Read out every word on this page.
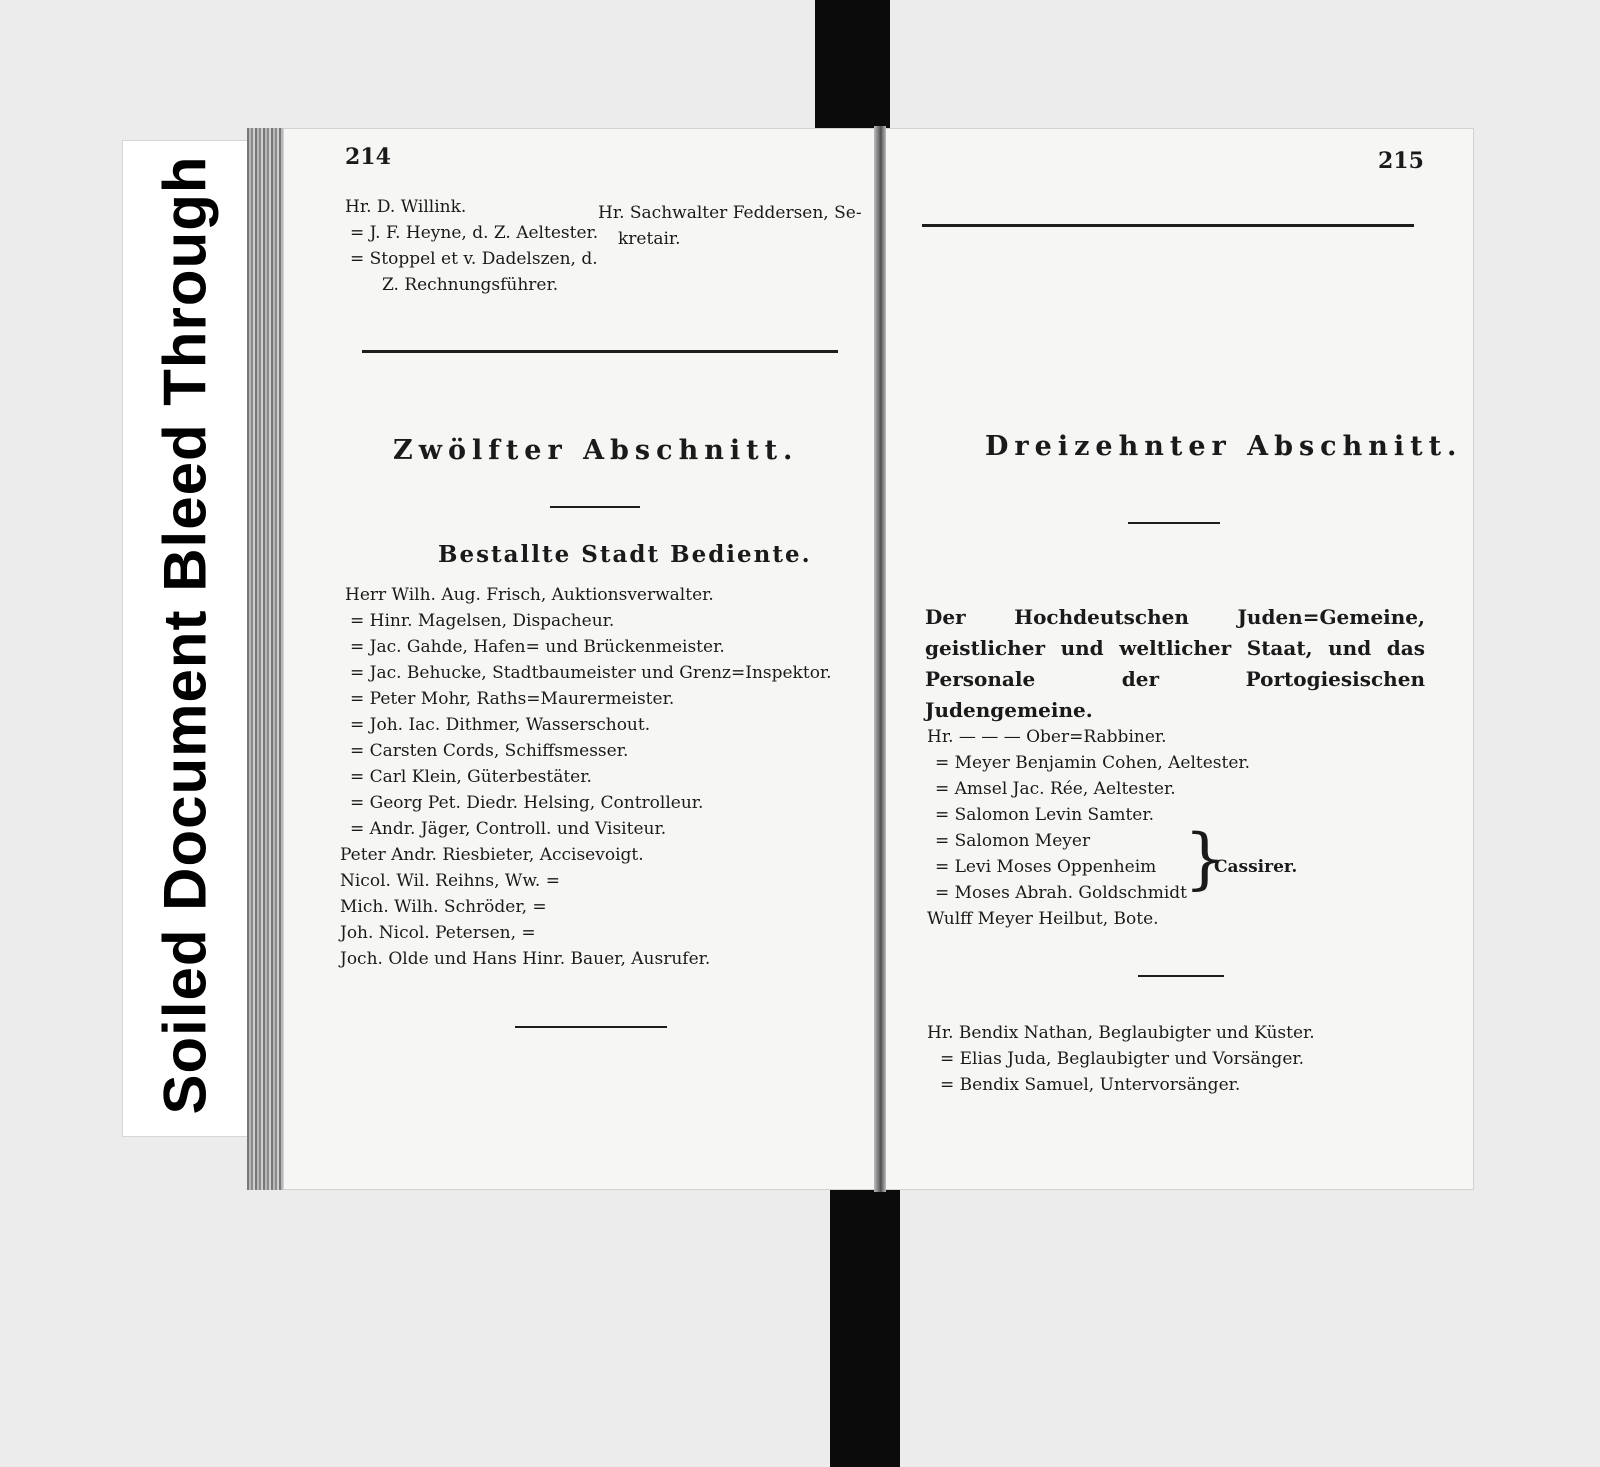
Soiled Document Bleed Through	214
Hr. D. Willink.
= J. F. Heyne, d. Z. Aeltester.
= Stoppel et v. Dadelszen, d.
Z. Rechnungsführer.
Hr. Sachwalter Feddersen, Se-
kretair.
Zwölfter Abschnitt.
Bestallte Stadt Bediente.
Herr Wilh. Aug. Frisch, Auktionsverwalter.
= Hinr. Magelsen, Dispacheur.
= Jac. Gahde, Hafen= und Brückenmeister.
= Jac. Behucke, Stadtbaumeister und Grenz=Inspektor.
= Peter Mohr, Raths=Maurermeister.
= Joh. Iac. Dithmer, Wasserschout.
= Carsten Cords, Schiffsmesser.
= Carl Klein, Güterbestäter.
= Georg Pet. Diedr. Helsing, Controlleur.
= Andr. Jäger, Controll. und Visiteur.
Peter Andr. Riesbieter, Accisevoigt.
Nicol. Wil. Reihns, Ww. =
Mich. Wilh. Schröder, =
Joh. Nicol. Petersen, =
Joch. Olde und Hans Hinr. Bauer, Ausrufer.
215
Dreizehnter Abschnitt.
Der Hochdeutschen Juden=Gemeine, geistlicher und weltlicher Staat, und das Personale der Portogiesischen Judengemeine.
Hr. — — — Ober=Rabbiner.
= Meyer Benjamin Cohen, Aeltester.
= Amsel Jac. Rée, Aeltester.
= Salomon Levin Samter.
= Salomon Meyer
= Levi Moses Oppenheim
= Moses Abrah. Goldschmidt
Wulff Meyer Heilbut, Bote.
}
Cassirer.
Hr. Bendix Nathan, Beglaubigter und Küster.
= Elias Juda, Beglaubigter und Vorsänger.
= Bendix Samuel, Untervorsänger.
